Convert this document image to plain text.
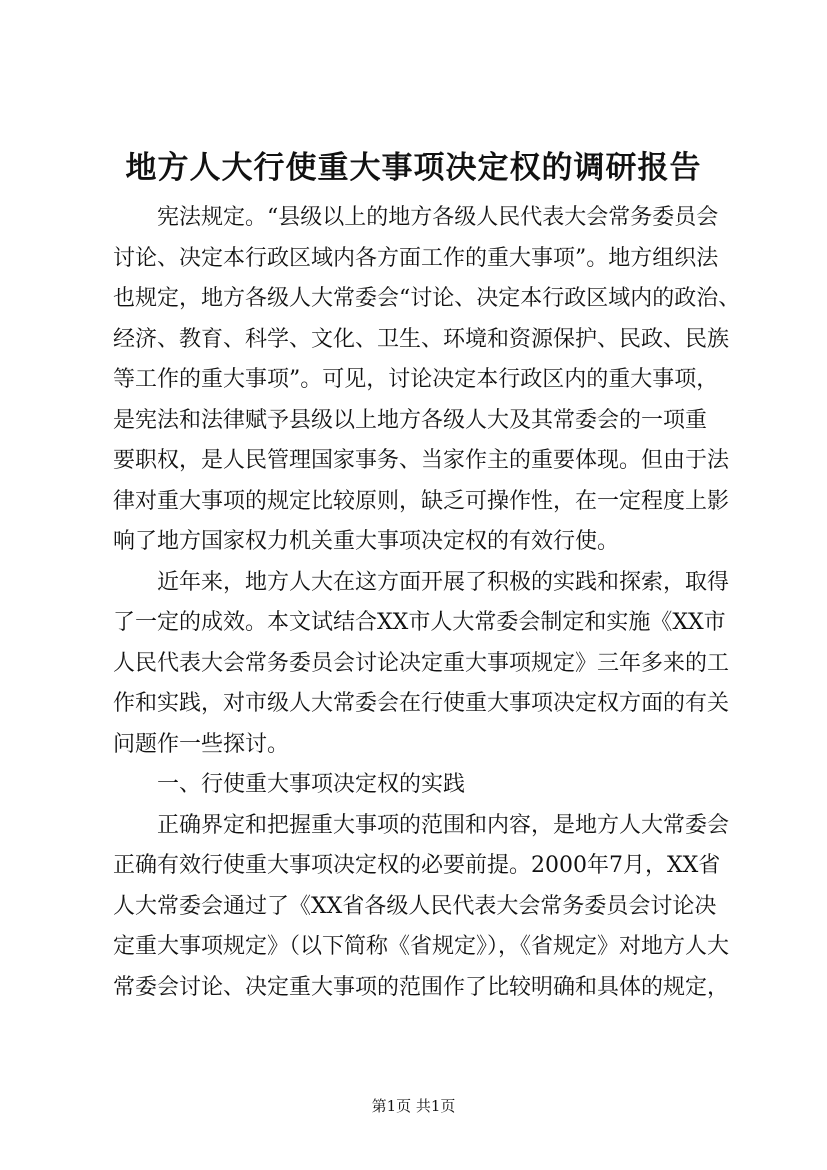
地方人大行使重大事项决定权的调研报告
宪法规定。“县级以上的地方各级人民代表大会常务委员会
讨论、决定本行政区域内各方面工作的重大事项”。地方组织法
也规定，地方各级人大常委会“讨论、决定本行政区域内的政治、
经济、教育、科学、文化、卫生、环境和资源保护、民政、民族
等工作的重大事项”。可见，讨论决定本行政区内的重大事项，
是宪法和法律赋予县级以上地方各级人大及其常委会的一项重
要职权，是人民管理国家事务、当家作主的重要体现。但由于法
律对重大事项的规定比较原则，缺乏可操作性，在一定程度上影
响了地方国家权力机关重大事项决定权的有效行使。
近年来，地方人大在这方面开展了积极的实践和探索，取得
了一定的成效。本文试结合XX市人大常委会制定和实施《XX市
人民代表大会常务委员会讨论决定重大事项规定》三年多来的工
作和实践，对市级人大常委会在行使重大事项决定权方面的有关
问题作一些探讨。
一、行使重大事项决定权的实践
正确界定和把握重大事项的范围和内容，是地方人大常委会
正确有效行使重大事项决定权的必要前提。2000年7月，XX省
人大常委会通过了《XX省各级人民代表大会常务委员会讨论决
定重大事项规定》（以下简称《省规定》），《省规定》对地方人大
常委会讨论、决定重大事项的范围作了比较明确和具体的规定，
第1页 共1页
